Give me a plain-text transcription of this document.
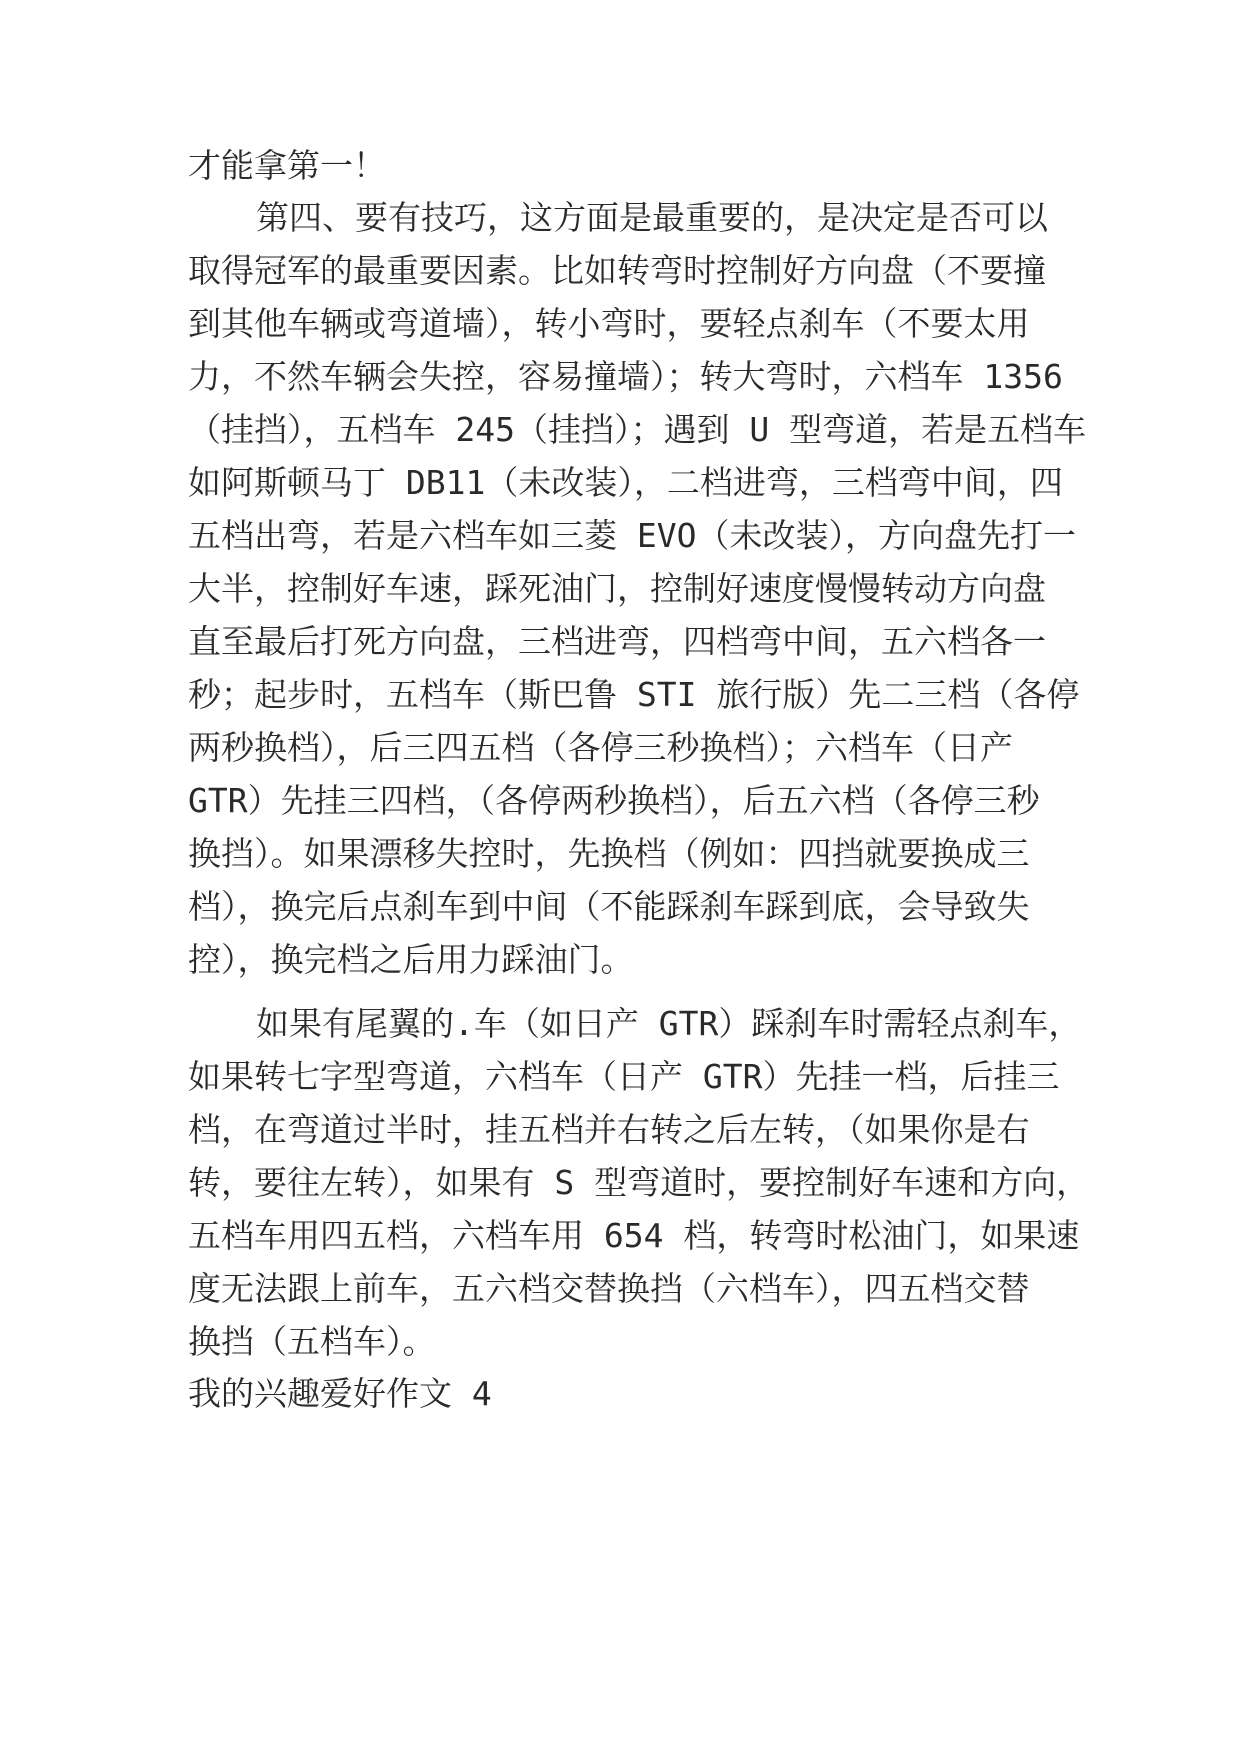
才能拿第一！

第四、要有技巧，这方面是最重要的，是决定是否可以

取得冠军的最重要因素。比如转弯时控制好方向盘（不要撞

到其他车辆或弯道墙），转小弯时，要轻点刹车（不要太用

力，不然车辆会失控，容易撞墙）；转大弯时，六档车 1356

（挂挡），五档车 245（挂挡）；遇到 U 型弯道，若是五档车

如阿斯顿马丁 DB11（未改装），二档进弯，三档弯中间，四

五档出弯，若是六档车如三菱 EVO（未改装），方向盘先打一

大半，控制好车速，踩死油门，控制好速度慢慢转动方向盘

直至最后打死方向盘，三档进弯，四档弯中间，五六档各一

秒；起步时，五档车（斯巴鲁 STI 旅行版）先二三档（各停

两秒换档），后三四五档（各停三秒换档）；六档车（日产

GTR）先挂三四档，（各停两秒换档），后五六档（各停三秒

换挡）。如果漂移失控时，先换档（例如：四挡就要换成三

档），换完后点刹车到中间（不能踩刹车踩到底，会导致失

控），换完档之后用力踩油门。

如果有尾翼的.车（如日产 GTR）踩刹车时需轻点刹车，

如果转七字型弯道，六档车（日产 GTR）先挂一档，后挂三

档，在弯道过半时，挂五档并右转之后左转，（如果你是右

转，要往左转），如果有 S 型弯道时，要控制好车速和方向，

五档车用四五档，六档车用 654 档，转弯时松油门，如果速

度无法跟上前车，五六档交替换挡（六档车），四五档交替

换挡（五档车）。

我的兴趣爱好作文 4
